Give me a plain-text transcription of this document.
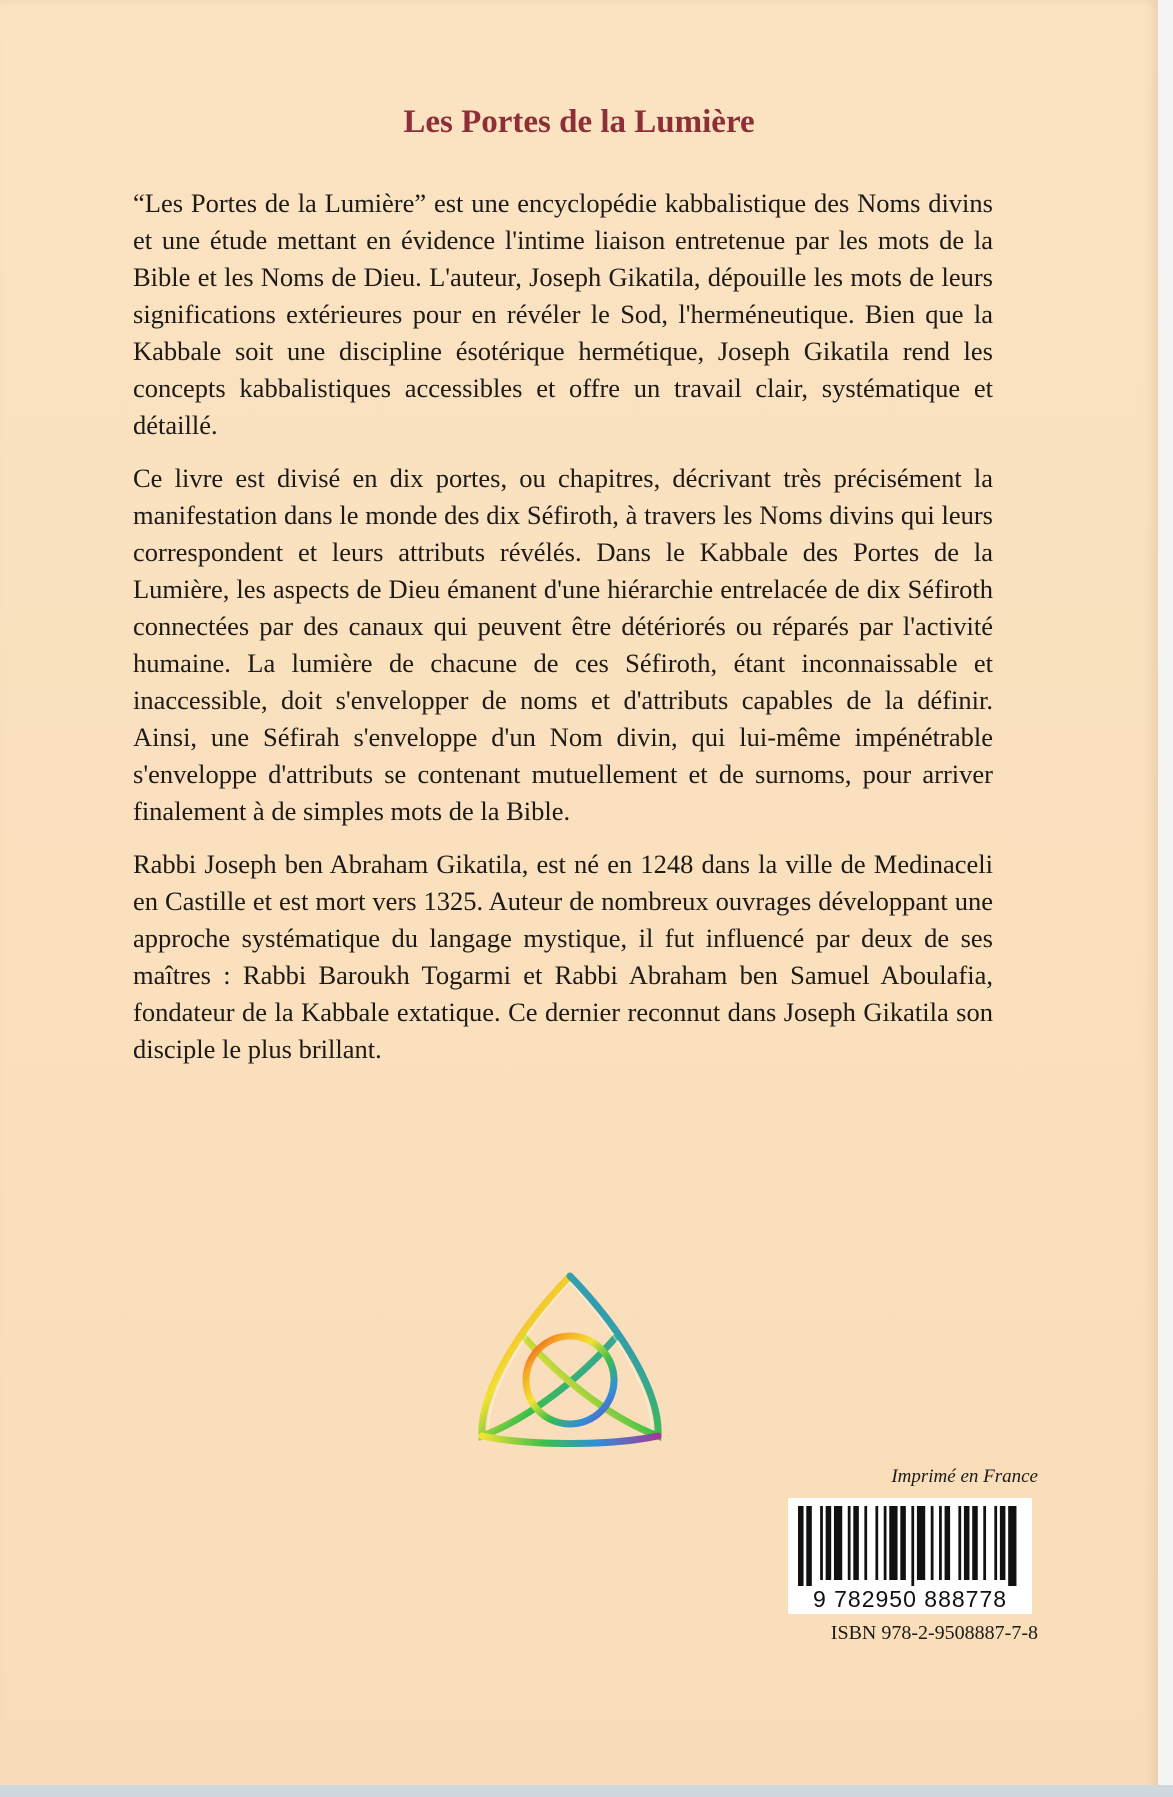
Les Portes de la Lumière

“Les Portes de la Lumière” est une encyclopédie kabbalistique des Noms divins et une étude mettant en évidence l'intime liaison entretenue par les mots de la Bible et les Noms de Dieu. L'auteur, Joseph Gikatila, dépouille les mots de leurs significations extérieures pour en révéler le Sod, l'herméneutique. Bien que la Kabbale soit une discipline ésotérique hermétique, Joseph Gikatila rend les concepts kabbalistiques accessibles et offre un travail clair, systématique et détaillé.

Ce livre est divisé en dix portes, ou chapitres, décrivant très précisément la manifestation dans le monde des dix Séfiroth, à travers les Noms divins qui leurs correspondent et leurs attributs révélés. Dans le Kabbale des Portes de la Lumière, les aspects de Dieu émanent d'une hiérarchie entrelacée de dix Séfiroth connectées par des canaux qui peuvent être détériorés ou réparés par l'activité humaine. La lumière de chacune de ces Séfiroth, étant inconnaissable et inaccessible, doit s'envelopper de noms et d'attributs capables de la définir. Ainsi, une Séfirah s'enveloppe d'un Nom divin, qui lui-même impénétrable s'enveloppe d'attributs se contenant mutuellement et de surnoms, pour arriver finalement à de simples mots de la Bible.

Rabbi Joseph ben Abraham Gikatila, est né en 1248 dans la ville de Medinaceli en Castille et est mort vers 1325. Auteur de nombreux ouvrages développant une approche systématique du langage mystique, il fut influencé par deux de ses maîtres : Rabbi Baroukh Togarmi et Rabbi Abraham ben Samuel Aboulafia, fondateur de la Kabbale extatique. Ce dernier reconnut dans Joseph Gikatila son disciple le plus brillant.

Imprimé en France
9 782950 888778
ISBN 978-2-9508887-7-8
